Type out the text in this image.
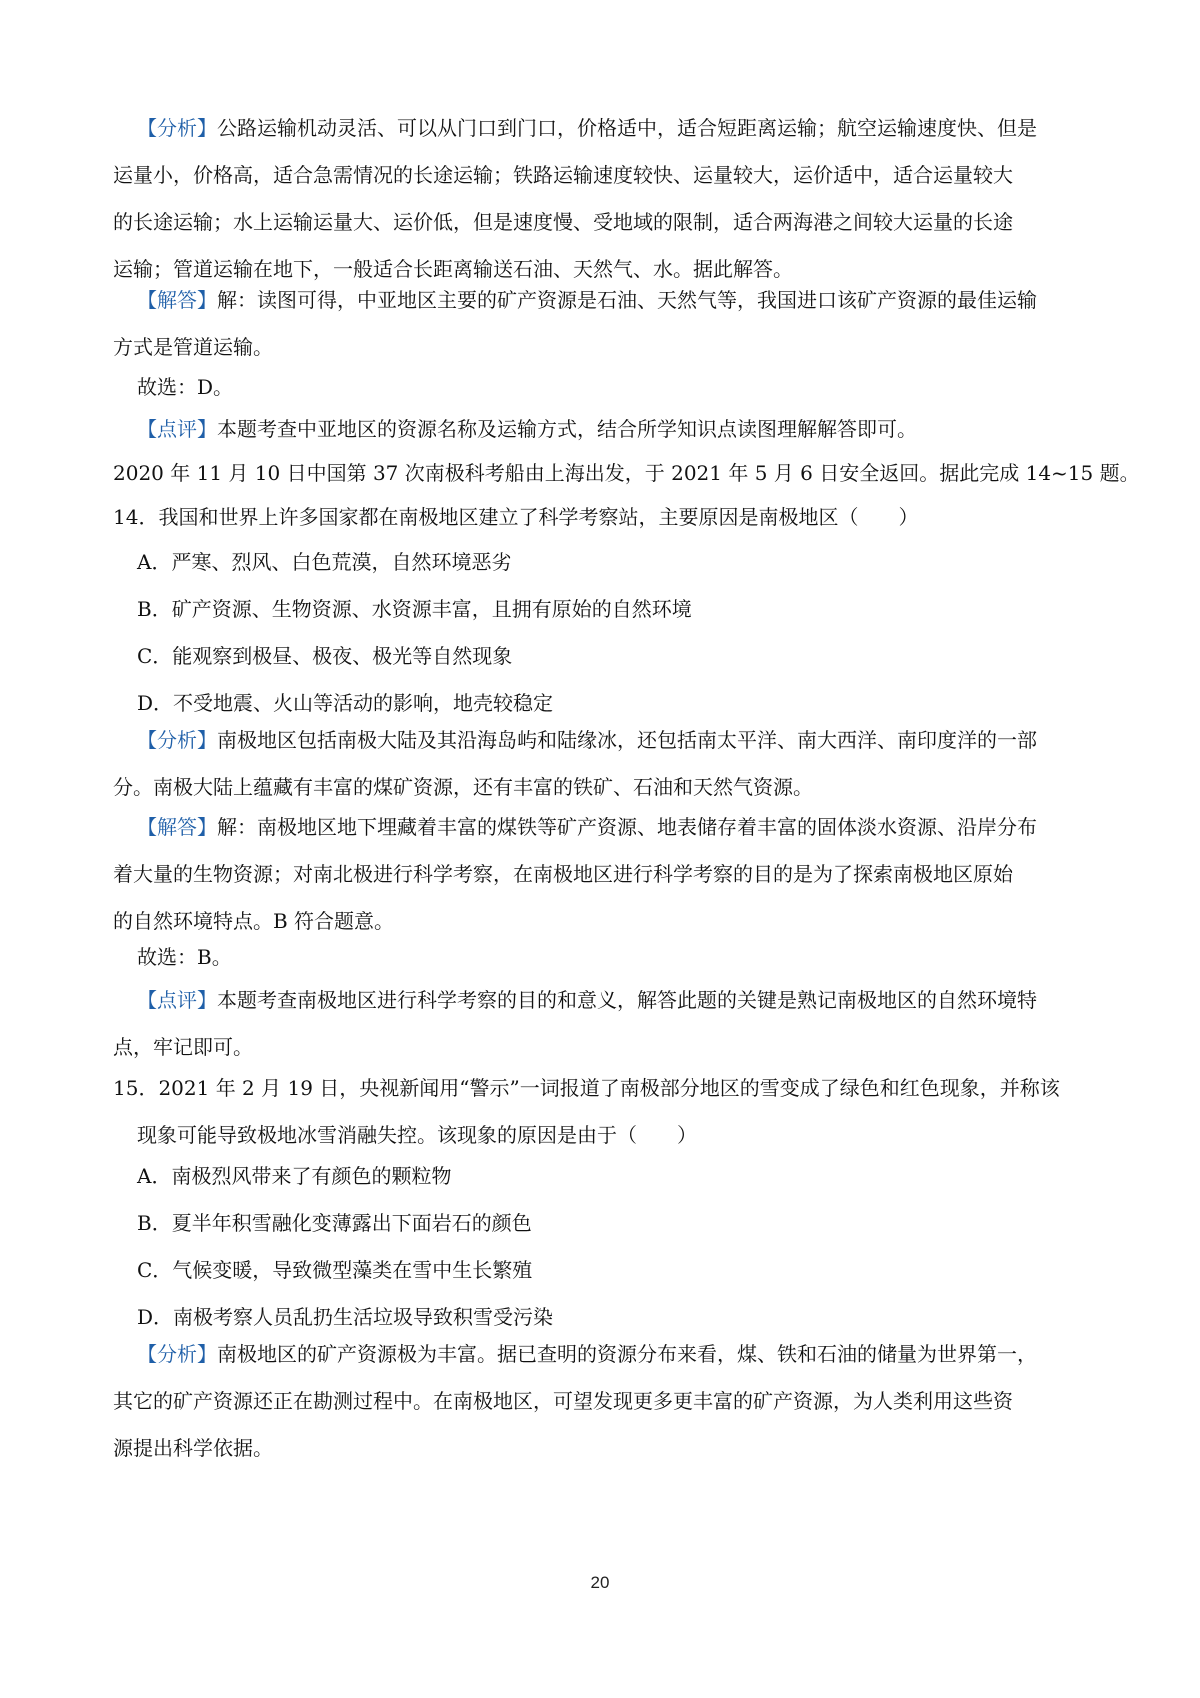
【分析】公路运输机动灵活、可以从门口到门口，价格适中，适合短距离运输；航空运输速度快、但是
运量小，价格高，适合急需情况的长途运输；铁路运输速度较快、运量较大，运价适中，适合运量较大
的长途运输；水上运输运量大、运价低，但是速度慢、受地域的限制，适合两海港之间较大运量的长途
运输；管道运输在地下，一般适合长距离输送石油、天然气、水。据此解答。
【解答】解：读图可得，中亚地区主要的矿产资源是石油、天然气等，我国进口该矿产资源的最佳运输
方式是管道运输。
故选：D。
【点评】本题考查中亚地区的资源名称及运输方式，结合所学知识点读图理解解答即可。
2020 年 11 月 10 日中国第 37 次南极科考船由上海出发，于 2021 年 5 月 6 日安全返回。据此完成 14~15 题。
14．我国和世界上许多国家都在南极地区建立了科学考察站，主要原因是南极地区（　　）
A．严寒、烈风、白色荒漠，自然环境恶劣
B．矿产资源、生物资源、水资源丰富，且拥有原始的自然环境
C．能观察到极昼、极夜、极光等自然现象
D．不受地震、火山等活动的影响，地壳较稳定
【分析】南极地区包括南极大陆及其沿海岛屿和陆缘冰，还包括南太平洋、南大西洋、南印度洋的一部
分。南极大陆上蕴藏有丰富的煤矿资源，还有丰富的铁矿、石油和天然气资源。
【解答】解：南极地区地下埋藏着丰富的煤铁等矿产资源、地表储存着丰富的固体淡水资源、沿岸分布
着大量的生物资源；对南北极进行科学考察，在南极地区进行科学考察的目的是为了探索南极地区原始
的自然环境特点。B 符合题意。
故选：B。
【点评】本题考查南极地区进行科学考察的目的和意义，解答此题的关键是熟记南极地区的自然环境特
点，牢记即可。
15．2021 年 2 月 19 日，央视新闻用“警示”一词报道了南极部分地区的雪变成了绿色和红色现象，并称该
现象可能导致极地冰雪消融失控。该现象的原因是由于（　　）
A．南极烈风带来了有颜色的颗粒物
B．夏半年积雪融化变薄露出下面岩石的颜色
C．气候变暖，导致微型藻类在雪中生长繁殖
D．南极考察人员乱扔生活垃圾导致积雪受污染
【分析】南极地区的矿产资源极为丰富。据已查明的资源分布来看，煤、铁和石油的储量为世界第一，
其它的矿产资源还正在勘测过程中。在南极地区，可望发现更多更丰富的矿产资源，为人类利用这些资
源提出科学依据。
20
